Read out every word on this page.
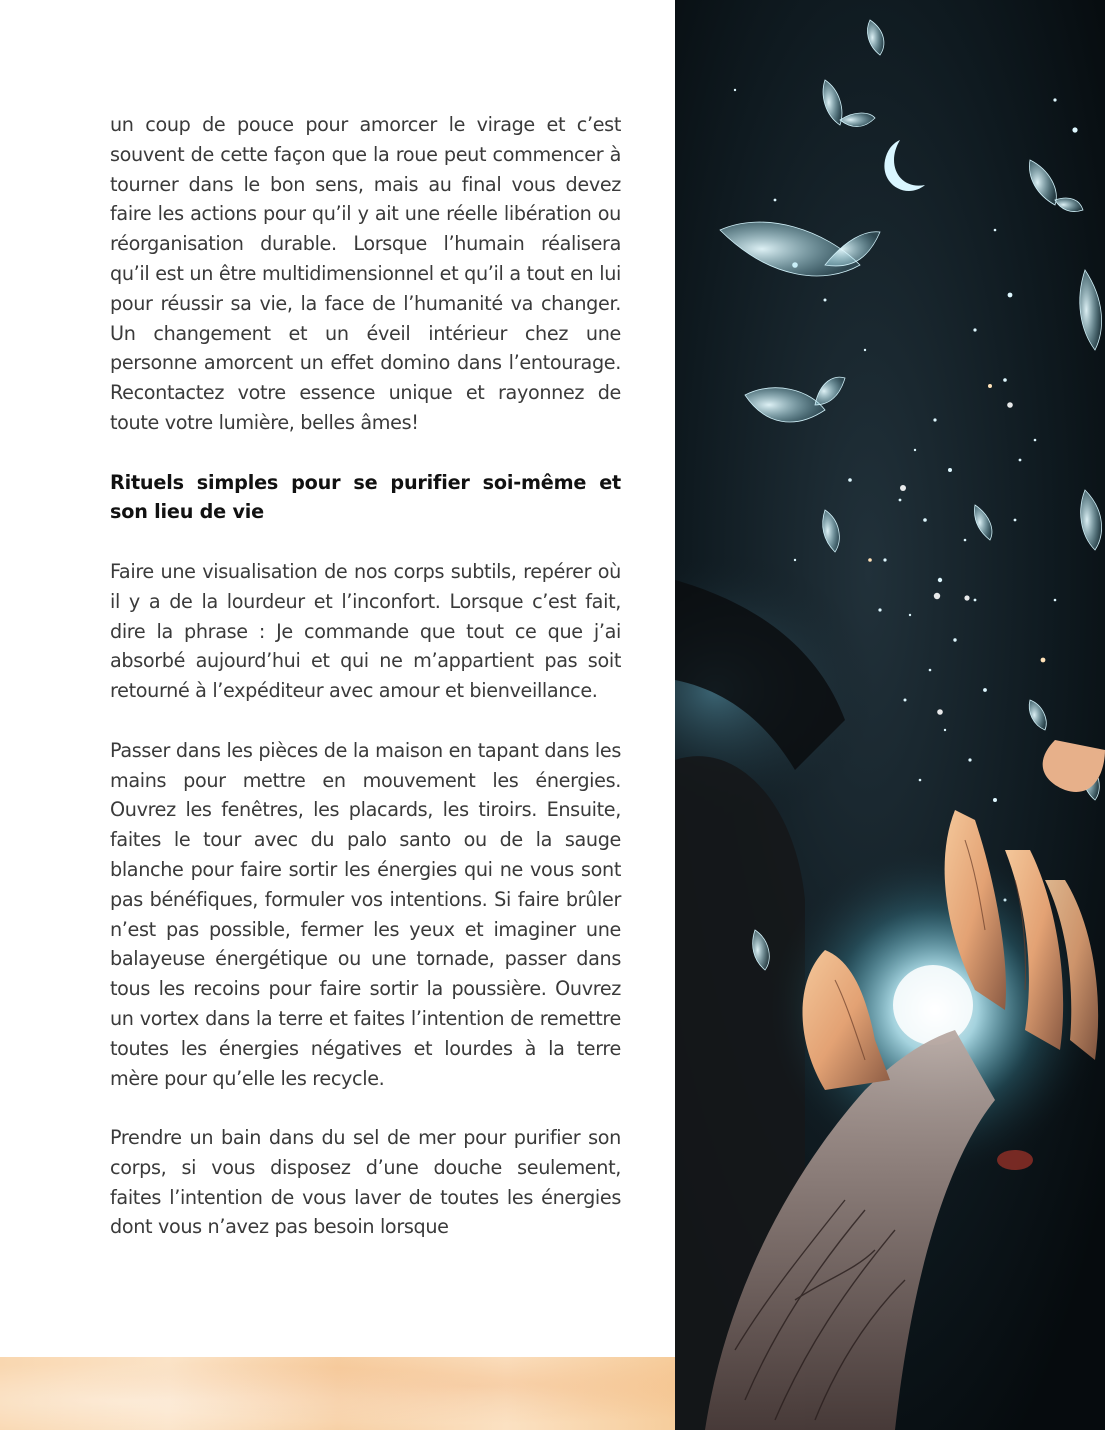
un coup de pouce pour amorcer le virage et c’est souvent de cette façon que la roue peut commencer à tourner dans le bon sens, mais au final vous devez faire les actions pour qu’il y ait une réelle libération ou réorganisation durable. Lorsque l’humain réalisera qu’il est un être multidimensionnel et qu’il a tout en lui pour réussir sa vie, la face de l’humanité va changer. Un changement et un éveil intérieur chez une personne amorcent un effet domino dans l’entourage. Recontactez votre essence unique et rayonnez de toute votre lumière, belles âmes!

Rituels simples pour se purifier soi-même et son lieu de vie

Faire une visualisation de nos corps subtils, repérer où il y a de la lourdeur et l’inconfort. Lorsque c’est fait, dire la phrase : Je commande que tout ce que j’ai absorbé aujourd’hui et qui ne m’appartient pas soit retourné à l’expéditeur avec amour et bienveillance.

Passer dans les pièces de la maison en tapant dans les mains pour mettre en mouvement les énergies. Ouvrez les fenêtres, les placards, les tiroirs. Ensuite, faites le tour avec du palo santo ou de la sauge blanche pour faire sortir les énergies qui ne vous sont pas bénéfiques, formuler vos intentions. Si faire brûler n’est pas possible, fermer les yeux et imaginer une balayeuse énergétique ou une tornade, passer dans tous les recoins pour faire sortir la poussière. Ouvrez un vortex dans la terre et faites l’intention de remettre toutes les énergies négatives et lourdes à la terre mère pour qu’elle les recycle.

Prendre un bain dans du sel de mer pour purifier son corps, si vous disposez d’une douche seulement, faites l’intention de vous laver de toutes les énergies dont vous n’avez pas besoin lorsque
